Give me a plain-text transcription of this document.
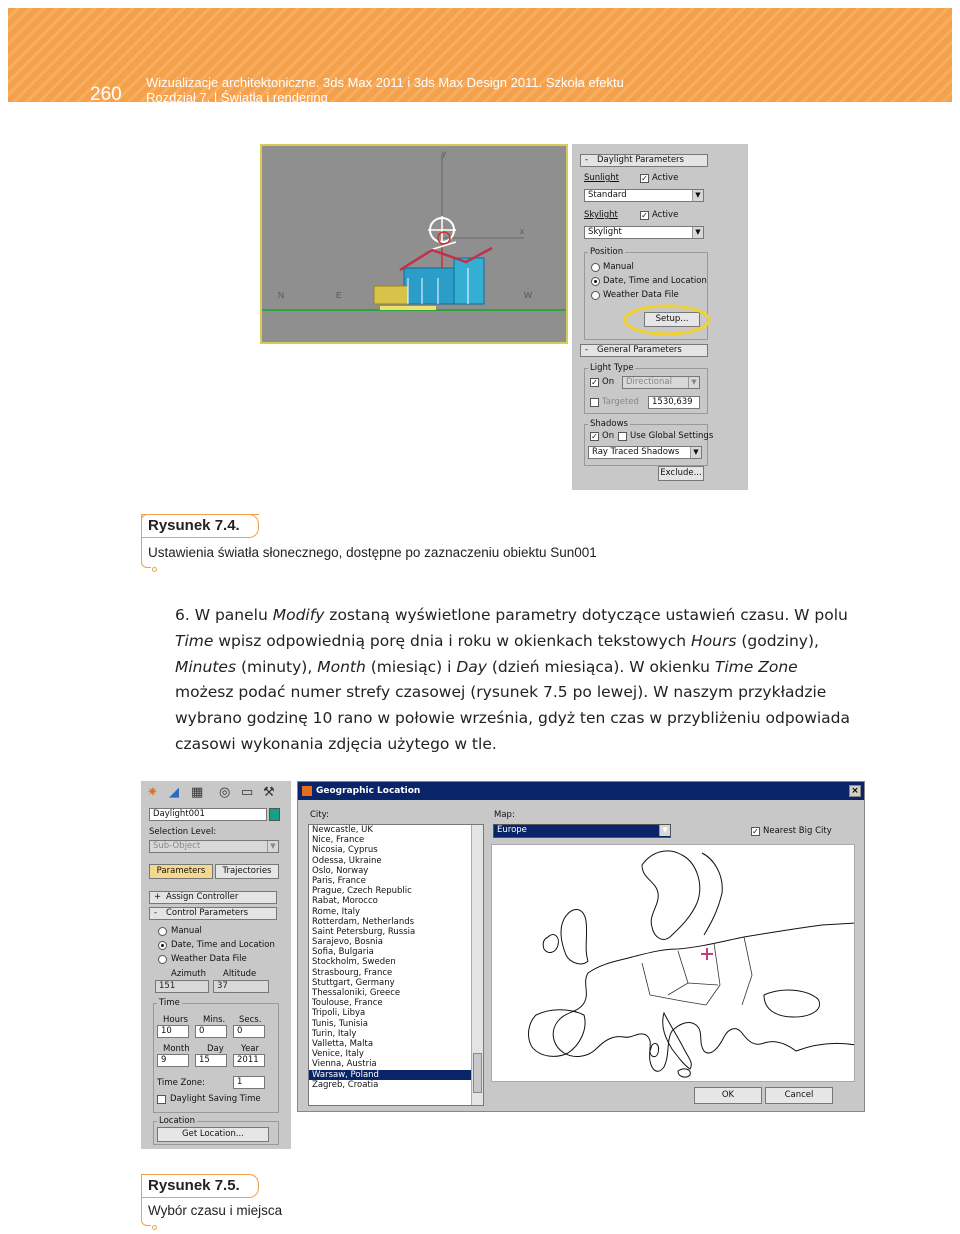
260
Wizualizacje architektoniczne. 3ds Max 2011 i 3ds Max Design 2011. Szkoła efektu
Rozdział 7. | Światła i rendering
y
x
N	E	W
- Daylight Parameters
Sunlight	✓ Active
Standard	▼
Skylight	✓ Active
Skylight	▼
Position
Manual
Date, Time and Location
Weather Data File
Setup...
- General Parameters
Light Type
✓ On	Directional	▼
Targeted	1530,639
Shadows
✓ On Use Global Settings
Ray Traced Shadows	▼
Exclude...
Rysunek 7.4.
Ustawienia światła słonecznego, dostępne po zaznaczeniu obiektu Sun001
6. W panelu Modify zostaną wyświetlone parametry dotyczące ustawień czasu. W polu Time wpisz odpowiednią porę dnia i roku w okienkach tekstowych Hours (godziny), Minutes (minuty), Month (miesiąc) i Day (dzień miesiąca). W okienku Time Zone możesz podać numer strefy czasowej (rysunek 7.5 po lewej). W naszym przykładzie wybrano godzinę 10 rano w połowie września, gdyż ten czas w przybliżeniu odpowiada czasowi wykonania zdjęcia użytego w tle.
✷ ◢ ▦ ◎ ▭ ⚒
Daylight001
Selection Level:
Sub-Object	▼
Parameters	Trajectories
+ Assign Controller
- Control Parameters
Manual
Date, Time and Location
Weather Data File
Azimuth Altitude
151	37
Time
Hours Mins. Secs.
10	0	0
Month Day Year
9	15	2011
Time Zone:	1
Daylight Saving Time
Location
Get Location...
Geographic Location	×
City:	Map:
Newcastle, UK
Nice, France
Nicosia, Cyprus
Odessa, Ukraine
Oslo, Norway
Paris, France
Prague, Czech Republic
Rabat, Morocco
Rome, Italy
Rotterdam, Netherlands
Saint Petersburg, Russia
Sarajevo, Bosnia
Sofia, Bulgaria
Stockholm, Sweden
Strasbourg, France
Stuttgart, Germany
Thessaloniki, Greece
Toulouse, France
Tripoli, Libya
Tunis, Tunisia
Turin, Italy
Valletta, Malta
Venice, Italy
Vienna, Austria
Warsaw, Poland
Zagreb, Croatia
Europe	▼	✓ Nearest Big City
OK	Cancel
Rysunek 7.5.
Wybór czasu i miejsca
